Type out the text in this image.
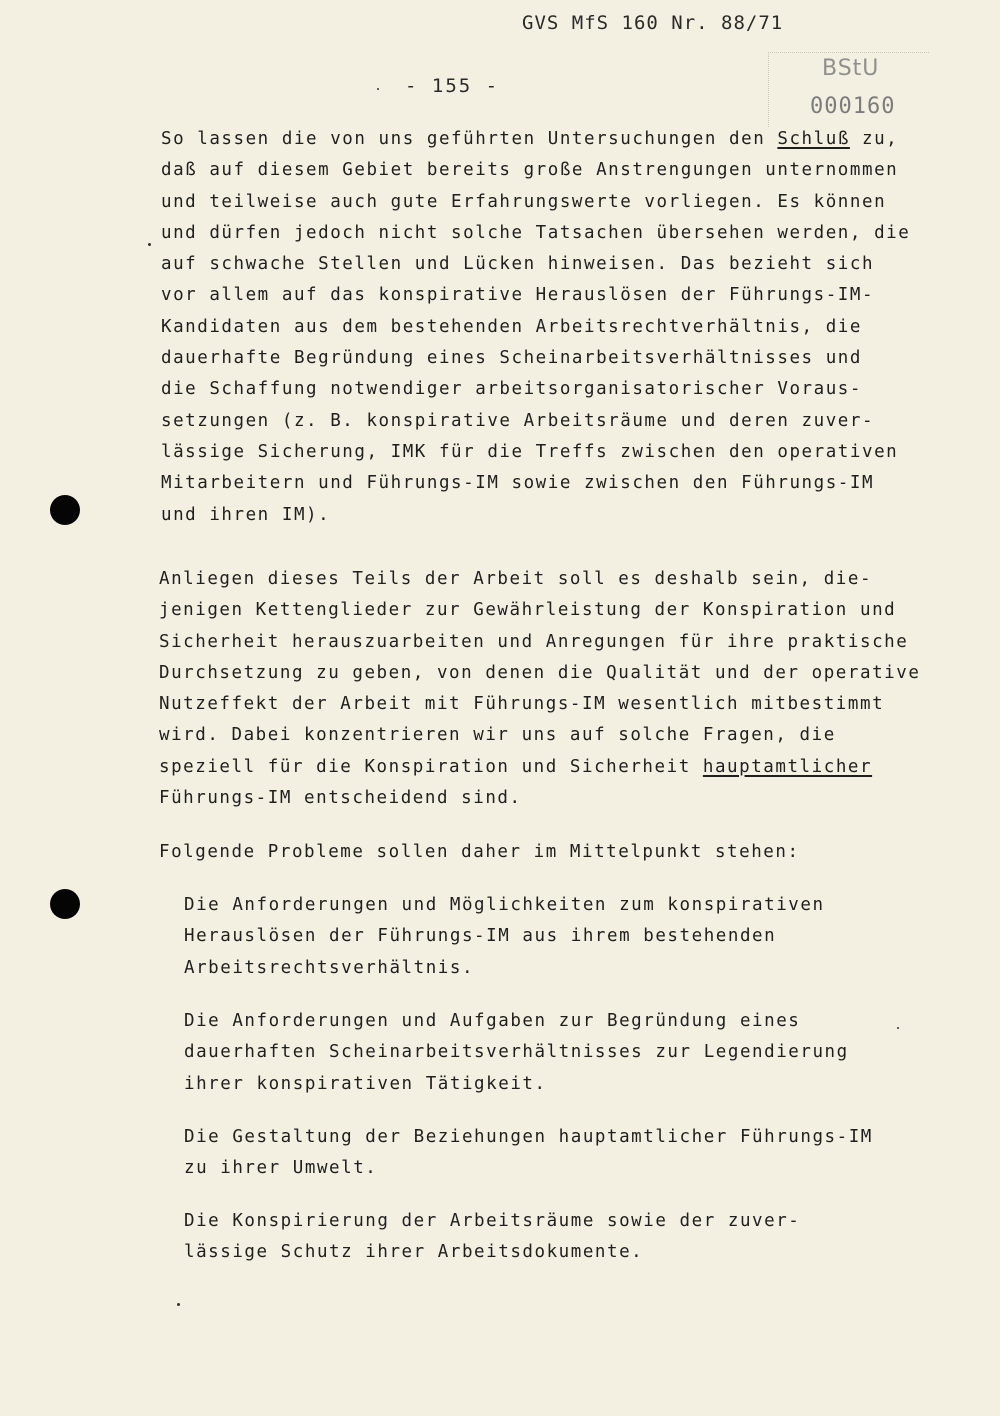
GVS MfS 160 Nr. 88/71
- 155 -
BStU
000160
So lassen die von uns geführten Untersuchungen den Schluß zu,
daß auf diesem Gebiet bereits große Anstrengungen unternommen
und teilweise auch gute Erfahrungswerte vorliegen. Es können
und dürfen jedoch nicht solche Tatsachen übersehen werden, die
auf schwache Stellen und Lücken hinweisen. Das bezieht sich
vor allem auf das konspirative Herauslösen der Führungs-IM-
Kandidaten aus dem bestehenden Arbeitsrechtverhältnis, die
dauerhafte Begründung eines Scheinarbeitsverhältnisses und
die Schaffung notwendiger arbeitsorganisatorischer Voraus-
setzungen (z. B. konspirative Arbeitsräume und deren zuver-
lässige Sicherung, IMK für die Treffs zwischen den operativen
Mitarbeitern und Führungs-IM sowie zwischen den Führungs-IM
und ihren IM).
Anliegen dieses Teils der Arbeit soll es deshalb sein, die-
jenigen Kettenglieder zur Gewährleistung der Konspiration und
Sicherheit herauszuarbeiten und Anregungen für ihre praktische
Durchsetzung zu geben, von denen die Qualität und der operative
Nutzeffekt der Arbeit mit Führungs-IM wesentlich mitbestimmt
wird. Dabei konzentrieren wir uns auf solche Fragen, die
speziell für die Konspiration und Sicherheit hauptamtlicher
Führungs-IM entscheidend sind.
Folgende Probleme sollen daher im Mittelpunkt stehen:
Die Anforderungen und Möglichkeiten zum konspirativen
Herauslösen der Führungs-IM aus ihrem bestehenden
Arbeitsrechtsverhältnis.
Die Anforderungen und Aufgaben zur Begründung eines
dauerhaften Scheinarbeitsverhältnisses zur Legendierung
ihrer konspirativen Tätigkeit.
Die Gestaltung der Beziehungen hauptamtlicher Führungs-IM
zu ihrer Umwelt.
Die Konspirierung der Arbeitsräume sowie der zuver-
lässige Schutz ihrer Arbeitsdokumente.
